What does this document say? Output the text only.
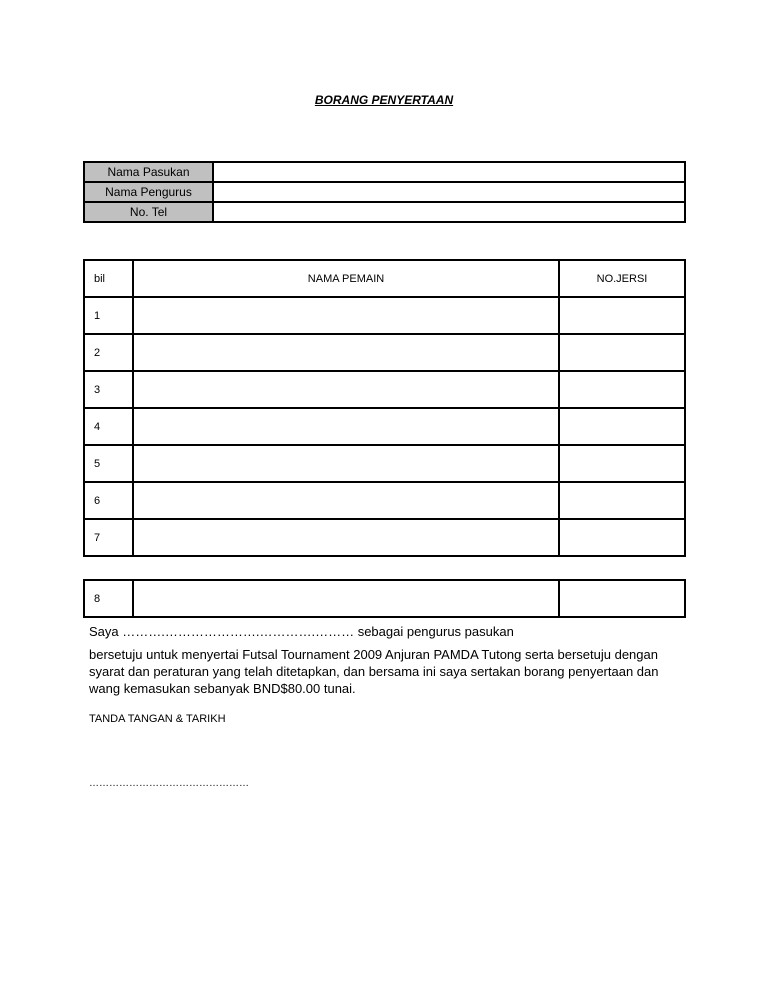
BORANG PENYERTAAN
Nama Pasukan	
Nama Pengurus	
No. Tel	
bil	NAMA PEMAIN	NO.JERSI
1		
2		
3		
4		
5		
6		
7		
8		
Saya ……….………………….………….……… sebagai pengurus pasukan
bersetuju untuk menyertai Futsal Tournament 2009 Anjuran PAMDA Tutong serta bersetuju dengan syarat dan peraturan yang telah ditetapkan, dan bersama ini saya sertakan borang penyertaan dan wang kemasukan sebanyak BND$80.00 tunai.
TANDA TANGAN & TARIKH
…………………………………………
